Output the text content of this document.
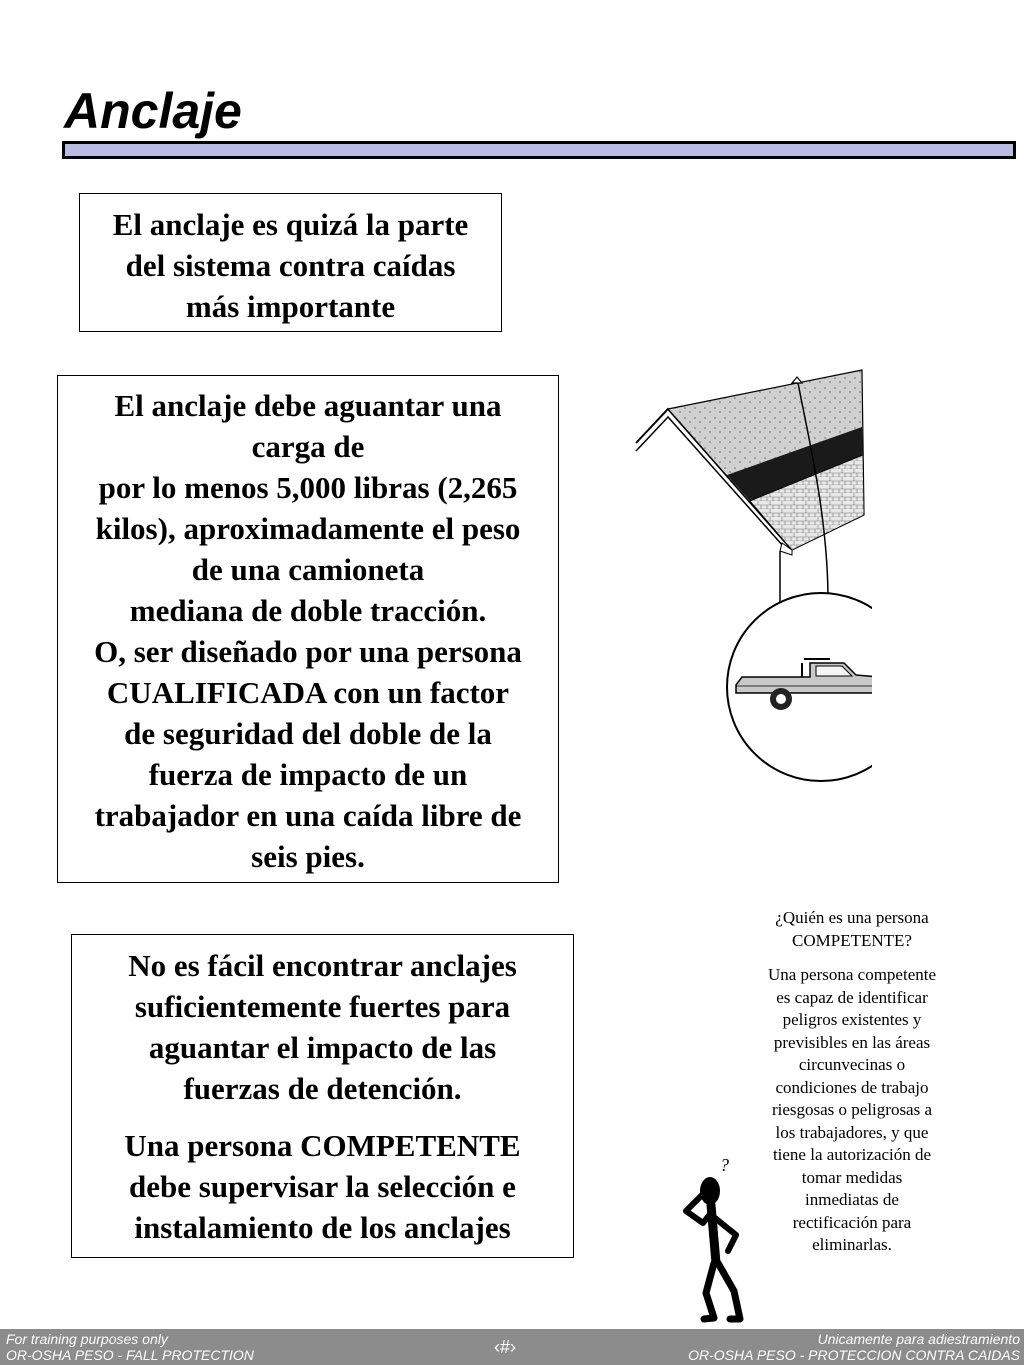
Anclaje

El anclaje es quizá la parte
del sistema contra caídas
más importante

El anclaje debe aguantar una
carga de
por lo menos 5,000 libras (2,265
kilos), aproximadamente el peso
de una camioneta
mediana de doble tracción.
O, ser diseñado por una persona
CUALIFICADA con un factor
de seguridad del doble de la
fuerza de impacto de un
trabajador en una caída libre de
seis pies.

No es fácil encontrar anclajes
suficientemente fuertes para
aguantar el impacto de las
fuerzas de detención.

Una persona COMPETENTE
debe supervisar la selección e
instalamiento de los anclajes

¿Quién es una persona
COMPETENTE?
Una persona competente
es capaz de identificar
peligros existentes y
previsibles en las áreas
circunvecinas o
condiciones de trabajo
riesgosas o peligrosas a
los trabajadores, y que
tiene la autorización de
tomar medidas
inmediatas de
rectificación para
eliminarlas.
?
For training purposes only
OR-OSHA PESO - FALL PROTECTION	‹#›	Unicamente para adiestramiento
OR-OSHA PESO - PROTECCION CONTRA CAIDAS
